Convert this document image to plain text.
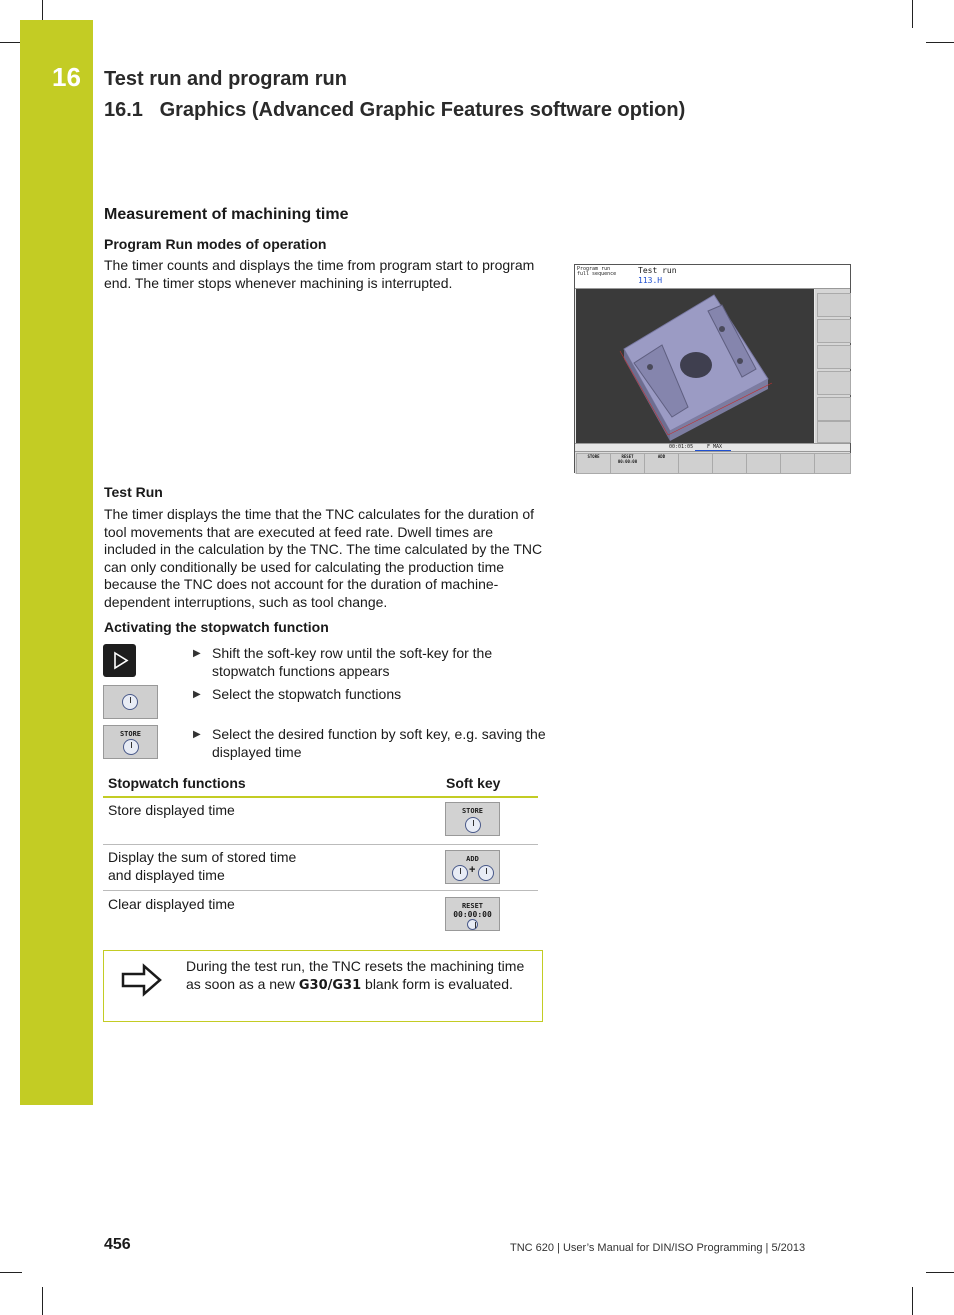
16 Test run and program run
16.1   Graphics (Advanced Graphic Features software option)
Measurement of machining time
Program Run modes of operation
The timer counts and displays the time from program start to program end. The timer stops whenever machining is interrupted.
Program run
full sequence	Test run
113.H
00:01:05	F MAX
STORE	RESET
00:00:00
ADD
Test Run
The timer displays the time that the TNC calculates for the duration of tool movements that are executed at feed rate. Dwell times are included in the calculation by the TNC. The time calculated by the TNC can only conditionally be used for calculating the production time because the TNC does not account for the duration of machine-dependent interruptions, such as tool change.
Activating the stopwatch function
STORE
▶ Shift the soft-key row until the soft-key for the stopwatch functions appears
▶ Select the stopwatch functions
▶ Select the desired function by soft key, e.g. saving the displayed time
Stopwatch functions	Soft key
Store displayed time	STORE
Display the sum of stored time
and displayed time
ADD
+
Clear displayed time	RESET
00:00:00
During the test run, the TNC resets the machining time as soon as a new G30/G31 blank form is evaluated.
456	TNC 620 | User’s Manual for DIN/ISO Programming | 5/2013
